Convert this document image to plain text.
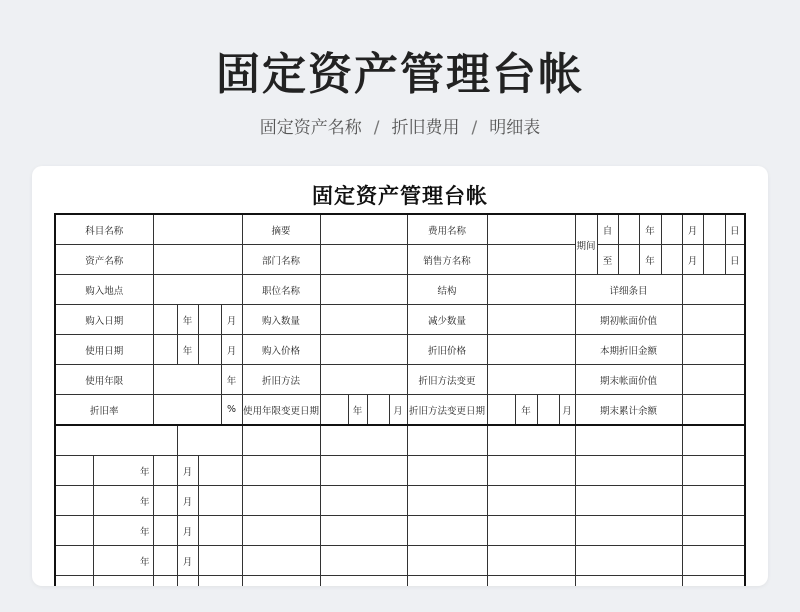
固定资产管理台帐
固定资产名称 / 折旧费用 / 明细表
固定资产管理台帐
科目名称						摘要					费用名称					期间	自		年		月		日
资产名称						部门名称					销售方名称						至		年		月		日
购入地点						职位名称					结构					详细条目							
购入日期			年		月	购入数量					减少数量					期初帐面价值							
使用日期			年		月	购入价格					折旧价格					本期折旧金额							
使用年限					年	折旧方法					折旧方法变更					期末帐面价值							
折旧率					%	使用年限变更日期		年		月	折旧方法变更日期		年		月	期末累计余额							

	年		月																				
	年		月																				
	年		月																				
	年		月																				
